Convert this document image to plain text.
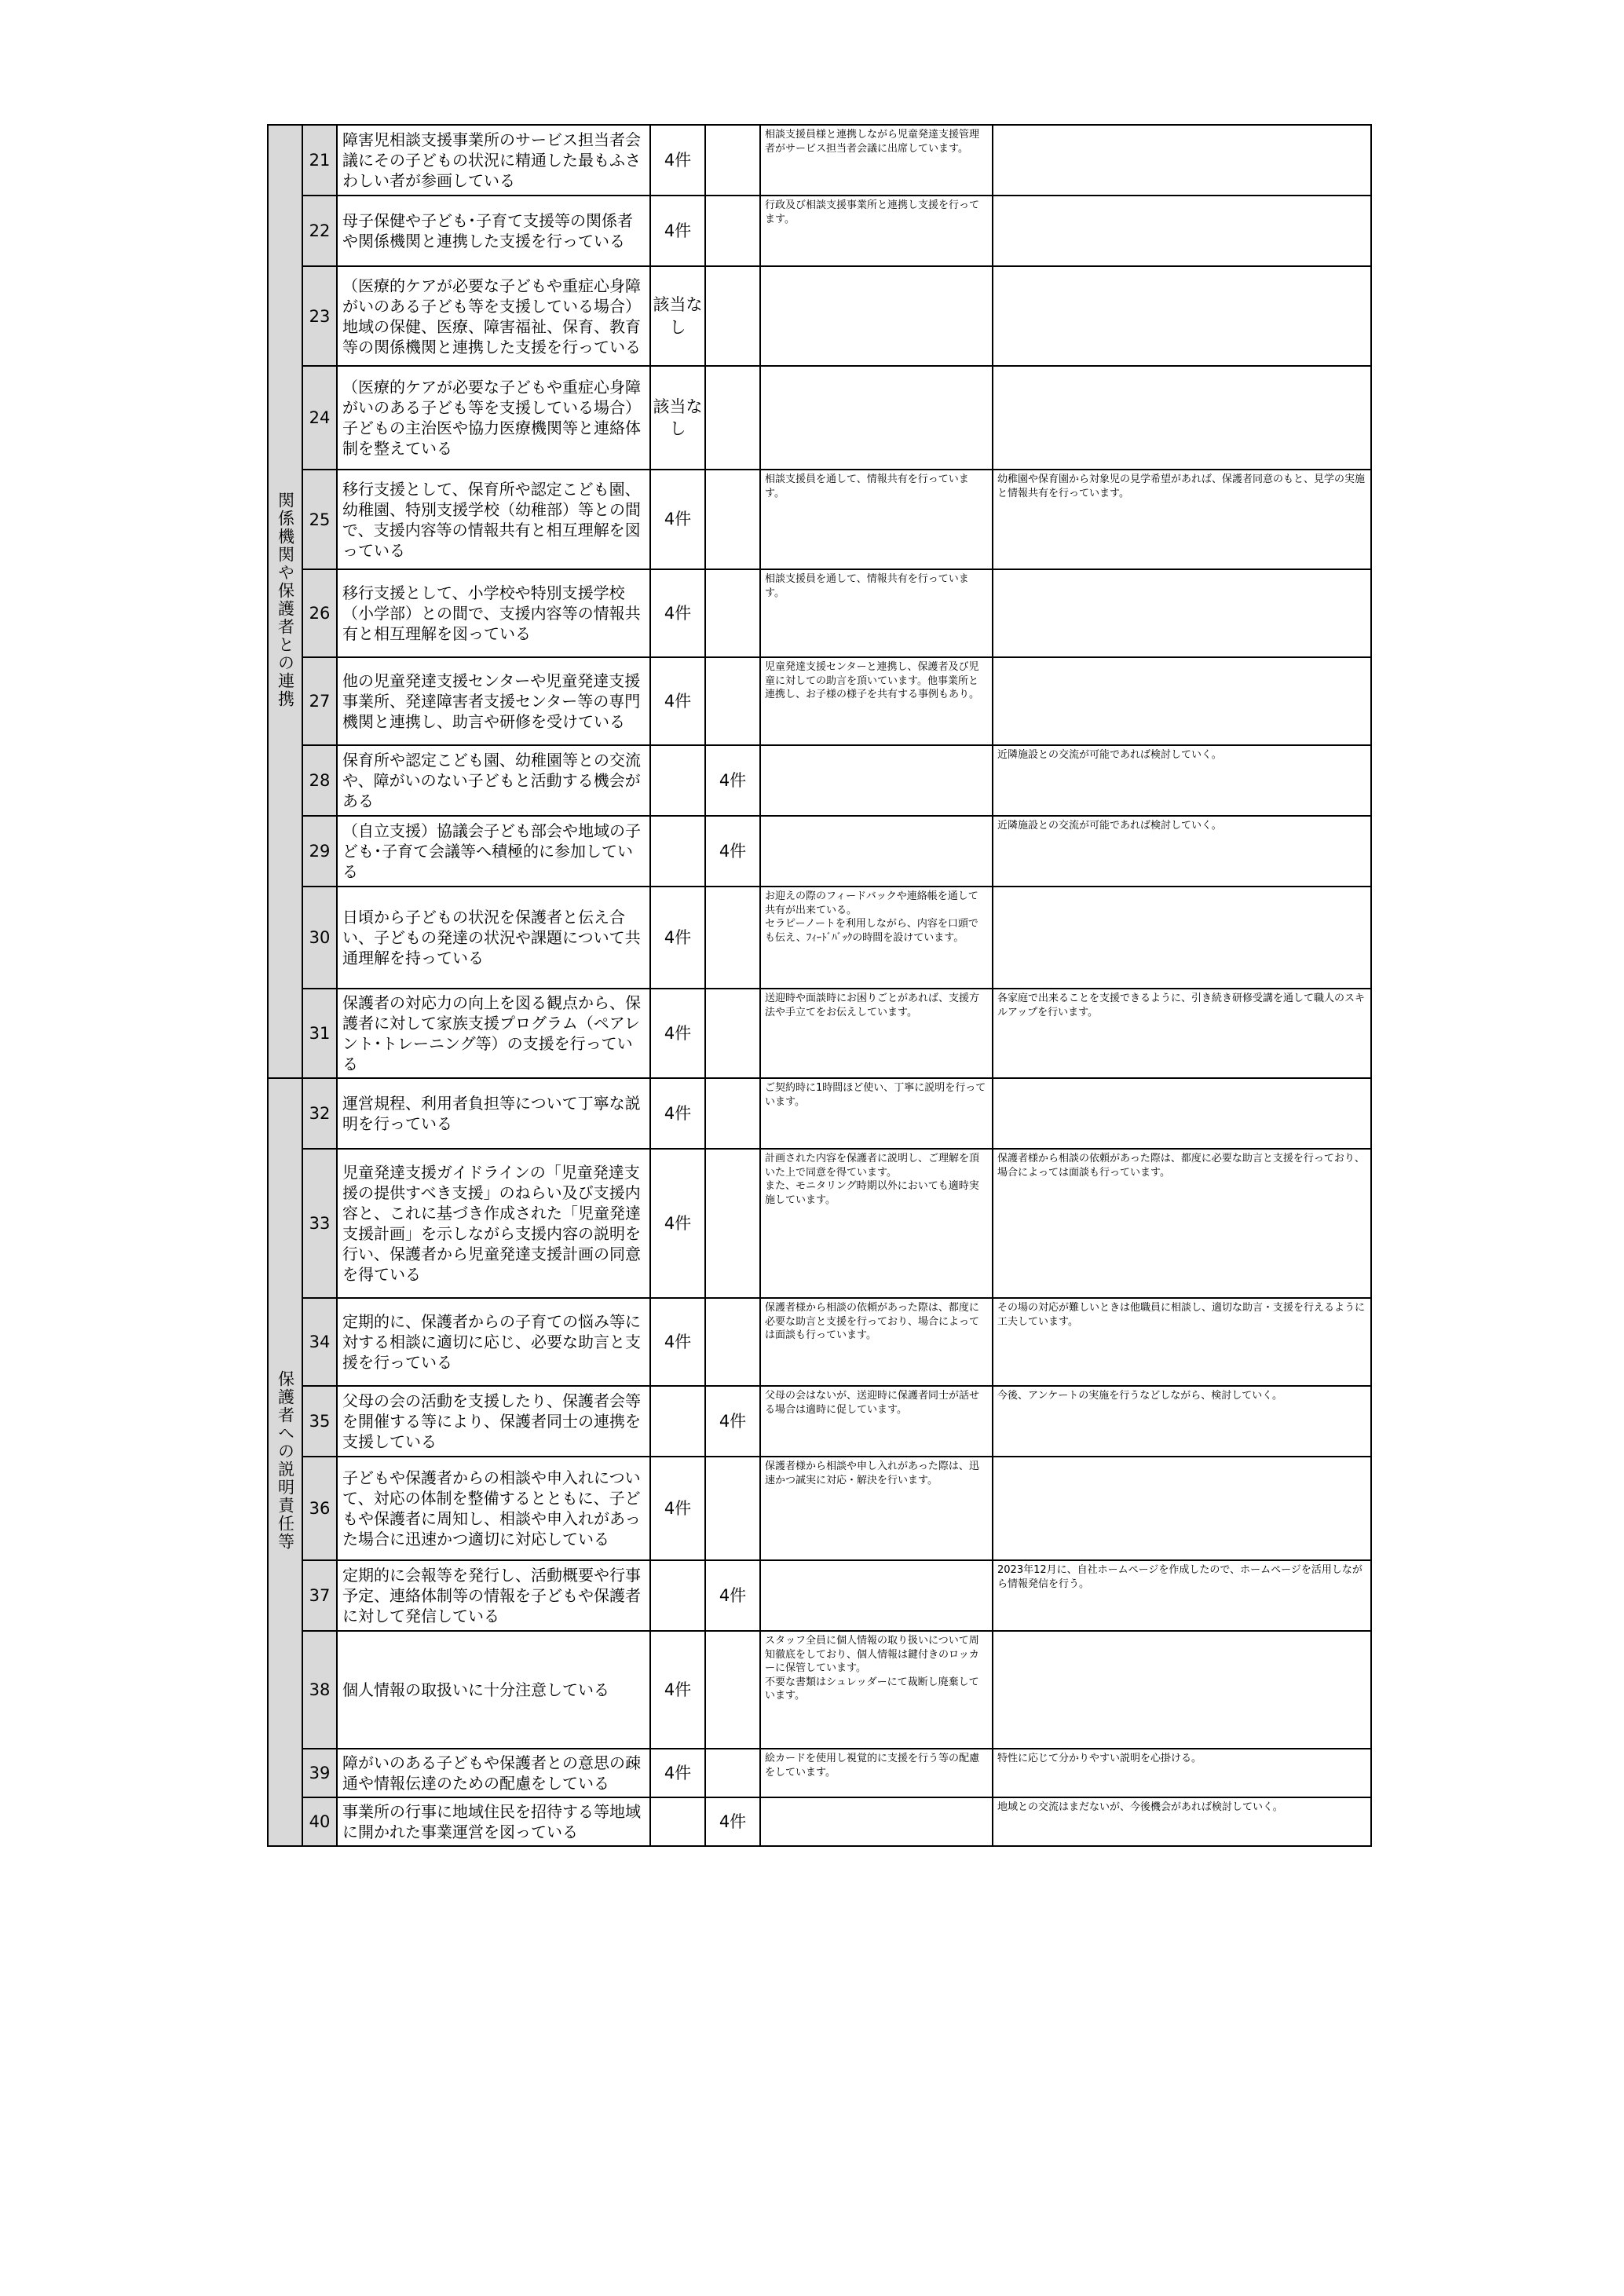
関係機関や保護者との連携	21	障害児相談支援事業所のサービス担当者会議にその子どもの状況に精通した最もふさわしい者が参画している	4件		相談支援員様と連携しながら児童発達支援管理者がサービス担当者会議に出席しています。	
	22	母子保健や子ども･子育て支援等の関係者や関係機関と連携した支援を行っている	4件		行政及び相談支援事業所と連携し支援を行ってます。	
	23	（医療的ケアが必要な子どもや重症心身障がいのある子ども等を支援している場合）地域の保健、医療、障害福祉、保育、教育等の関係機関と連携した支援を行っている	該当なし			
	24	（医療的ケアが必要な子どもや重症心身障がいのある子ども等を支援している場合）子どもの主治医や協力医療機関等と連絡体制を整えている	該当なし			
	25	移行支援として、保育所や認定こども園、幼稚園、特別支援学校（幼稚部）等との間で、支援内容等の情報共有と相互理解を図っている	4件		相談支援員を通して、情報共有を行っています。	幼稚園や保育園から対象児の見学希望があれば、保護者同意のもと、見学の実施と情報共有を行っています。
	26	移行支援として、小学校や特別支援学校（小学部）との間で、支援内容等の情報共有と相互理解を図っている	4件		相談支援員を通して、情報共有を行っています。	
	27	他の児童発達支援センターや児童発達支援事業所、発達障害者支援センター等の専門機関と連携し、助言や研修を受けている	4件		児童発達支援センターと連携し、保護者及び児童に対しての助言を頂いています。他事業所と連携し、お子様の様子を共有する事例もあり。	
	28	保育所や認定こども園、幼稚園等との交流や、障がいのない子どもと活動する機会がある		4件		近隣施設との交流が可能であれば検討していく。
	29	（自立支援）協議会子ども部会や地域の子ども･子育て会議等へ積極的に参加している		4件		近隣施設との交流が可能であれば検討していく。
	30	日頃から子どもの状況を保護者と伝え合い、子どもの発達の状況や課題について共通理解を持っている	4件		お迎えの際のフィードバックや連絡帳を通して共有が出来ている。
セラピーノートを利用しながら、内容を口頭でも伝え、ﾌｨｰﾄﾞﾊﾞｯｸの時間を設けています。	
	31	保護者の対応力の向上を図る観点から、保護者に対して家族支援プログラム（ペアレント･トレーニング等）の支援を行っている	4件		送迎時や面談時にお困りごとがあれば、支援方法や手立てをお伝えしています。	各家庭で出来ることを支援できるように、引き続き研修受講を通して職人のスキルアップを行います。
保護者への説明責任等	32	運営規程、利用者負担等について丁寧な説明を行っている	4件		ご契約時に1時間ほど使い、丁寧に説明を行っています。	
	33	児童発達支援ガイドラインの「児童発達支援の提供すべき支援」のねらい及び支援内容と、これに基づき作成された「児童発達支援計画」を示しながら支援内容の説明を行い、保護者から児童発達支援計画の同意を得ている	4件		計画された内容を保護者に説明し、ご理解を頂いた上で同意を得ています。
また、モニタリング時期以外においても適時実施しています。	保護者様から相談の依頼があった際は、都度に必要な助言と支援を行っており、場合によっては面談も行っています。
	34	定期的に、保護者からの子育ての悩み等に対する相談に適切に応じ、必要な助言と支援を行っている	4件		保護者様から相談の依頼があった際は、都度に必要な助言と支援を行っており、場合によっては面談も行っています。	その場の対応が難しいときは他職員に相談し、適切な助言・支援を行えるように工夫しています。
	35	父母の会の活動を支援したり、保護者会等を開催する等により、保護者同士の連携を支援している		4件	父母の会はないが、送迎時に保護者同士が話せる場合は適時に促しています。	今後、アンケートの実施を行うなどしながら、検討していく。
	36	子どもや保護者からの相談や申入れについて、対応の体制を整備するとともに、子どもや保護者に周知し、相談や申入れがあった場合に迅速かつ適切に対応している	4件		保護者様から相談や申し入れがあった際は、迅速かつ誠実に対応・解決を行います。	
	37	定期的に会報等を発行し、活動概要や行事予定、連絡体制等の情報を子どもや保護者に対して発信している		4件		2023年12月に、自社ホームページを作成したので、ホームページを活用しながら情報発信を行う。
	38	個人情報の取扱いに十分注意している	4件		スタッフ全員に個人情報の取り扱いについて周知徹底をしており、個人情報は鍵付きのロッカーに保管しています。
不要な書類はシュレッダーにて裁断し廃棄しています。	
	39	障がいのある子どもや保護者との意思の疎通や情報伝達のための配慮をしている	4件		絵カードを使用し視覚的に支援を行う等の配慮をしています。	特性に応じて分かりやすい説明を心掛ける。
	40	事業所の行事に地域住民を招待する等地域に開かれた事業運営を図っている		4件		地域との交流はまだないが、今後機会があれば検討していく。
